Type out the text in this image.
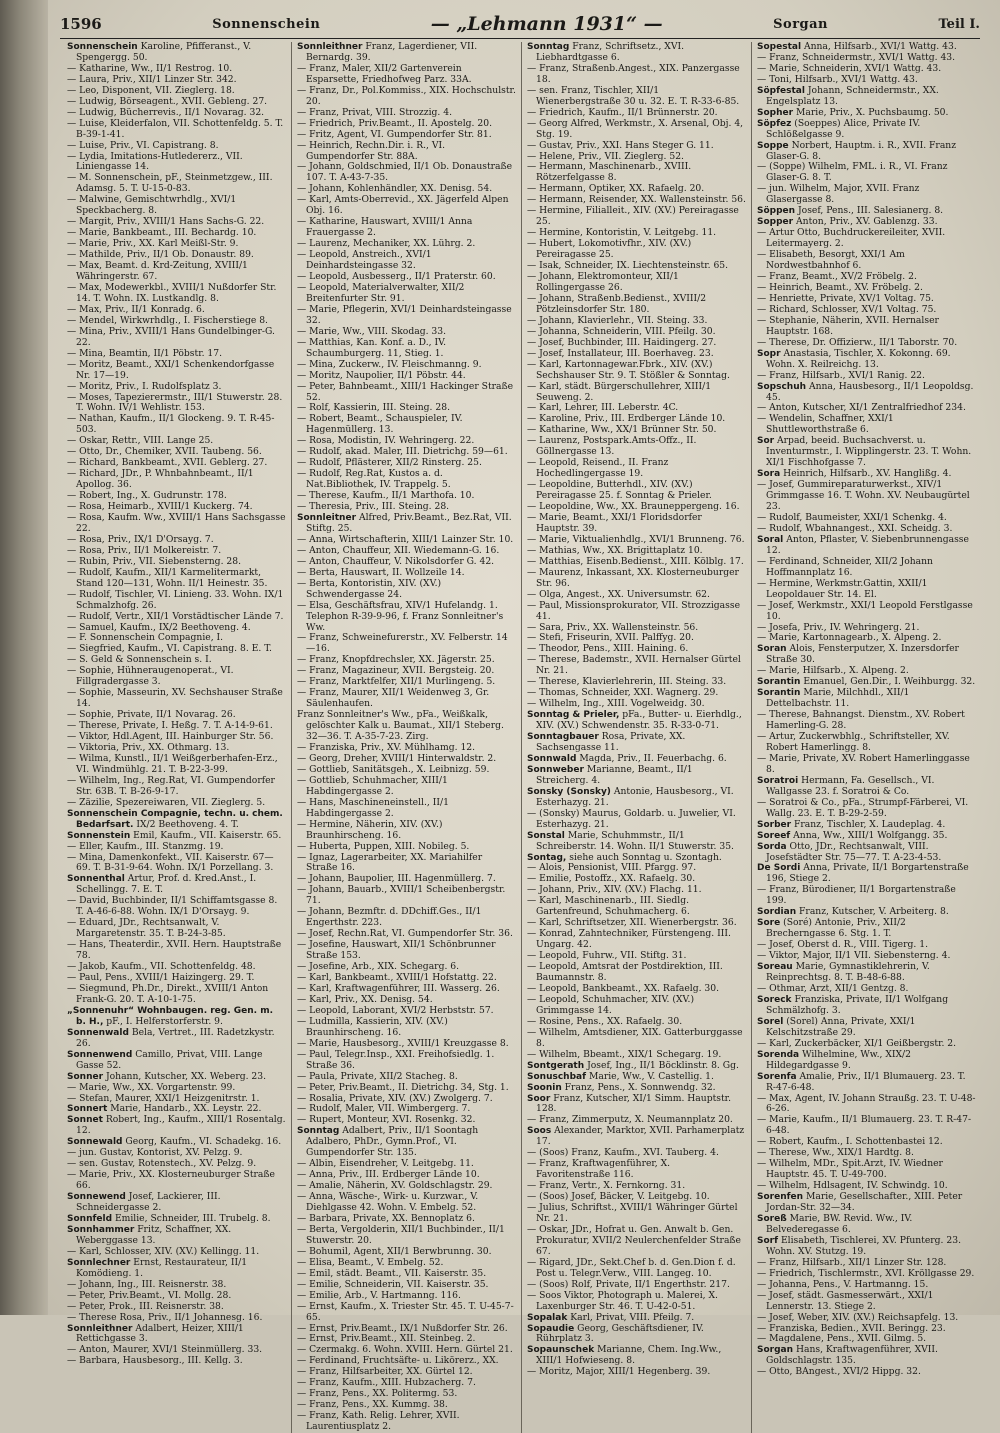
1596	Sonnenschein	— „Lehmann 1931“ —	Sorgan	Teil I.

Sonnenschein Karoline, Pfifferanst., V. Spengergg. 50.

— Katharine, Ww., II/1 Restrog. 10.

— Laura, Priv., XII/1 Linzer Str. 342.

— Leo, Disponent, VII. Zieglerg. 18.

— Ludwig, Börseagent., XVII. Gebleng. 27.

— Ludwig, Bücherrevis., II/1 Novarag. 32.

— Luise, Kleiderfalon, VII. Schottenfeldg. 5. T. B-39-1-41.

— Luise, Priv., VI. Capistrang. 8.

— Lydia, Imitations-Hutledererz., VII. Liniengasse 14.

— M. Sonnenschein, pF., Steinmetzgew., III. Adamsg. 5. T. U-15-0-83.

— Malwine, Gemischtwrhdlg., XVI/1 Speckbacherg. 8.

— Margit, Priv., XVIII/1 Hans Sachs-G. 22.

— Marie, Bankbeamt., III. Bechardg. 10.

— Marie, Priv., XX. Karl Meißl-Str. 9.

— Mathilde, Priv., II/1 Ob. Donaustr. 89.

— Max, Beamt. d. Krd-Zeitung, XVIII/1 Währingerstr. 67.

— Max, Modewerkbl., XVIII/1 Nußdorfer Str. 14. T. Wohn. IX. Lustkandlg. 8.

— Max, Priv., II/1 Konradg. 6.

— Mendel, Wirkwrhdlg., I. Fischerstiege 8.

— Mina, Priv., XVIII/1 Hans Gundelbinger-G. 22.

— Mina, Beamtin, II/1 Pöbstr. 17.

— Moritz, Beamt., XXI/1 Schenkendorfgasse Nr. 17—19.

— Moritz, Priv., I. Rudolfsplatz 3.

— Moses, Tapezierermstr., III/1 Stuwerstr. 28. T. Wohn. IV/1 Wehlistr. 153.

— Nathan, Kaufm., II/1 Glockeng. 9. T. R-45-503.

— Oskar, Rettr., VIII. Lange 25.

— Otto, Dr., Chemiker, XVII. Taubeng. 56.

— Richard, Bankbeamt., XVII. Geblerg. 27.

— Richard, JDr., P. Whnbahnbeamt., II/1 Apollog. 36.

— Robert, Ing., X. Gudrunstr. 178.

— Rosa, Heimarb., XVIII/1 Kuckerg. 74.

— Rosa, Kaufm. Ww., XVIII/1 Hans Sachsgasse 22.

— Rosa, Priv., IX/1 D'Orsayg. 7.

— Rosa, Priv., II/1 Molkereistr. 7.

— Rubin, Priv., VII. Siebensterng. 28.

— Rudolf, Kaufm., XII/1 Karmelitermarkt, Stand 120—131, Wohn. II/1 Heinestr. 35.

— Rudolf, Tischler, VI. Linieng. 33. Wohn. IX/1 Schmalzhofg. 26.

— Rudolf, Vertr., XII/1 Vorstädtischer Lände 7.

— Samuel, Kaufm., IX/2 Beethoveng. 4.

— F. Sonnenschein Compagnie, I.

— Siegfried, Kaufm., VI. Capistrang. 8. E. T.

— S. Geld & Sonnenschein s. I.

— Sophie, Hühneraugenoperat., VI. Fillgradergasse 3.

— Sophie, Masseurin, XV. Sechshauser Straße 14.

— Sophie, Private, II/1 Novarag. 26.

— Therese, Private, I. Heßg. 7. T. A-14-9-61.

— Viktor, Hdl.Agent, III. Hainburger Str. 56.

— Viktoria, Priv., XX. Othmarg. 13.

— Wilma, Kunstl., II/1 Weißgerberhafen-Erz., VI. Windmühlg. 21. T. B-22-3-99.

— Wilhelm, Ing., Reg.Rat, VI. Gumpendorfer Str. 63B. T. B-26-9-17.

— Zäzilie, Spezereiwaren, VII. Zieglerg. 5.

Sonnenschein Compagnie, techn. u. chem. Bedarfsart. IX/2 Beethoveng. 4. T.

Sonnenstein Emil, Kaufm., VII. Kaiserstr. 65.

— Eller, Kaufm., III. Stanzmg. 19.

— Mina, Damenkonfekt., VII. Kaiserstr. 67—69. T. B-31-9-64. Wohn. IX/1 Porzellang. 3.

Sonnenthal Artur, Prof. d. Kred.Anst., I. Schellingg. 7. E. T.

— David, Buchbinder, II/1 Schiffamtsgasse 8. T. A-46-6-88. Wohn. IX/1 D'Orsayg. 9.

— Eduard, JDr., Rechtsanwalt, V. Margaretenstr. 35. T. B-24-3-85.

— Hans, Theaterdir., XVII. Hern. Hauptstraße 78.

— Jakob, Kaufm., VII. Schottenfeldg. 48.

— Paul, Pens., XVIII/1 Haizingerg. 29. T.

— Siegmund, Ph.Dr., Direkt., XVIII/1 Anton Frank-G. 20. T. A-10-1-75.

„Sonnenuhr“ Wohnbaugen. reg. Gen. m. b. H., pF., I. Helferstorferstr. 9.

Sonnenwald Bela, Vertret., III. Radetzkystr. 26.

Sonnenwend Camillo, Privat, VIII. Lange Gasse 52.

Sonner Johann, Kutscher, XX. Weberg. 23.

— Marie, Ww., XX. Vorgartenstr. 99.

— Stefan, Maurer, XXI/1 Heizgenitrstr. 1.

Sonnert Marie, Handarb., XX. Leystr. 22.

Sonnet Robert, Ing., Kaufm., XIII/1 Rosentalg. 12.

Sonnewald Georg, Kaufm., VI. Schadekg. 16.

— jun. Gustav, Kontorist, XV. Pelzg. 9.

— sen. Gustav, Rotenstech., XV. Pelzg. 9.

— Marie, Priv., XX. Klosterneuburger Straße 66.

Sonnewend Josef, Lackierer, III. Schneidergasse 2.

Sonnfeld Emilie, Schneider, III. Trubelg. 8.

Sonnhammer Fritz, Schaffner, XX. Weberggasse 13.

— Karl, Schlosser, XIV. (XV.) Kellingg. 11.

Sonnlechner Ernst, Restaurateur, II/1 Komödieng. 1.

— Johann, Ing., III. Reisnerstr. 38.

— Peter, Priv.Beamt., VI. Mollg. 28.

— Peter, Prok., III. Reisnerstr. 38.

— Therese Rosa, Priv., II/1 Johannesg. 16.

Sonnleithner Adalbert, Heizer, XIII/1 Rettichgasse 3.

— Anton, Maurer, XVI/1 Steinmüllerg. 33.

— Barbara, Hausbesorg., III. Kellg. 3.

Sonnleithner Franz, Lagerdiener, VII. Bernardg. 39.

— Franz, Maler, XII/2 Gartenverein Esparsette, Friedhofweg Parz. 33A.

— Franz, Dr., Pol.Kommiss., XIX. Hochschulstr. 20.

— Franz, Privat, VIII. Strozzig. 4.

— Friedrich, Priv.Beamt., II. Apostelg. 20.

— Fritz, Agent, VI. Gumpendorfer Str. 81.

— Heinrich, Rechn.Dir. i. R., VI. Gumpendorfer Str. 88A.

— Johann, Goldschmied, II/1 Ob. Donaustraße 107. T. A-43-7-35.

— Johann, Kohlenhändler, XX. Denisg. 54.

— Karl, Amts-Oberrevid., XX. Jägerfeld Alpen Obj. 16.

— Katharine, Hauswart, XVIII/1 Anna Frauergasse 2.

— Laurenz, Mechaniker, XX. Lührg. 2.

— Leopold, Anstreich., XVI/1 Deinhardsteingasse 32.

— Leopold, Ausbesserg., II/1 Praterstr. 60.

— Leopold, Materialverwalter, XII/2 Breitenfurter Str. 91.

— Marie, Pflegerin, XVI/1 Deinhardsteingasse 32.

— Marie, Ww., VIII. Skodag. 33.

— Matthias, Kan. Konf. a. D., IV. Schaumburgerg. 11, Stieg. 1.

— Mina, Zuckerw., IV. Fleischmanng. 9.

— Moritz, Naupolier, II/1 Pöbstr. 44.

— Peter, Bahnbeamt., XIII/1 Hackinger Straße 52.

— Rolf, Kassierin, III. Steing. 28.

— Robert, Beamt., Schauspieler, IV. Hagenmüllerg. 13.

— Rosa, Modistin, IV. Wehringerg. 22.

— Rudolf, akad. Maler, III. Dietrichg. 59—61.

— Rudolf, Pflästerer, XII/2 Rinsterg. 25.

— Rudolf, Reg.Rat, Kustos a. d. Nat.Bibliothek, IV. Trappelg. 5.

— Therese, Kaufm., II/1 Marthofa. 10.

— Theresia, Priv., III. Steing. 28.

Sonnleitner Alfred, Priv.Beamt., Bez.Rat, VII. Stiftg. 25.

— Anna, Wirtschafterin, XIII/1 Lainzer Str. 10.

— Anton, Chauffeur, XII. Wiedemann-G. 16.

— Anton, Chauffeur, V. Nikolsdorfer G. 42.

— Berta, Hauswart, II. Wollzeile 14.

— Berta, Kontoristin, XIV. (XV.) Schwendergasse 24.

— Elsa, Geschäftsfrau, XIV/1 Hufelandg. 1. Telephon R-39-9-96, f. Franz Sonnleitner's Ww.

— Franz, Schweinefurerstr., XV. Felberstr. 14—16.

— Franz, Knopfdrechsler, XX. Jägerstr. 25.

— Franz, Magazineur, XVII. Bergsteig. 20.

— Franz, Marktfelfer, XII/1 Murlingeng. 5.

— Franz, Maurer, XII/1 Weidenweg 3, Gr. Säulenhaufen.

Franz Sonnleitner's Ww., pFa., Weißkalk, gelöschter Kalk u. Baumat., XII/1 Steberg. 32—36. T. A-35-7-23. Zirg.

— Franziska, Priv., XV. Mühlhamg. 12.

— Georg, Dreher, XVIII/1 Hinterwaldstr. 2.

— Gottlieb, Sanitätsgeh., X. Leibnizg. 59.

— Gottlieb, Schuhmacher, XIII/1 Habdingergasse 2.

— Hans, Maschineneinstell., II/1 Habdingergasse 2.

— Hermine, Näherin, XIV. (XV.) Braunhirscheng. 16.

— Huberta, Puppen, XIII. Nobileg. 5.

— Ignaz, Lagerarbeiter, XX. Mariahilfer Straße 16.

— Johann, Baupolier, III. Hagenmüllerg. 7.

— Johann, Bauarb., XVIII/1 Scheibenbergstr. 71.

— Johann, Bezmftr. d. DDchiff.Ges., II/1 Engerthstr. 223.

— Josef, Rechn.Rat, VI. Gumpendorfer Str. 36.

— Josefine, Hauswart, XII/1 Schönbrunner Straße 153.

— Josefine, Arb., XIX. Schegarg. 6.

— Karl, Bankbeamt., XVIII/1 Hofstattg. 22.

— Karl, Kraftwagenführer, III. Wasserg. 26.

— Karl, Priv., XX. Denisg. 54.

— Leopold, Laborant, XVI/2 Herbststr. 57.

— Ludmilla, Kassierin, XIV. (XV.) Braunhirscheng. 16.

— Marie, Hausbesorg., XVIII/1 Kreuzgasse 8.

— Paul, Telegr.Insp., XXI. Freihofsiedlg. 1. Straße 36.

— Paula, Private, XII/2 Stacheg. 8.

— Peter, Priv.Beamt., II. Dietrichg. 34, Stg. 1.

— Rosalia, Private, XIV. (XV.) Zwolgerg. 7.

— Rudolf, Maler, VII. Wimbergerg. 7.

— Rupert, Monteur, XVI. Rosenkg. 32.

Sonntag Adalbert, Priv., II/1 Soontagh Adalbero, PhDr., Gymn.Prof., VI. Gumpendorfer Str. 135.

— Albin, Eisendreher, V. Leitgebg. 11.

— Anna, Priv., III. Erdberger Lände 10.

— Amalie, Näherin, XV. Goldschlagstr. 29.

— Anna, Wäsche-, Wirk- u. Kurzwar., V. Diehlgasse 42. Wohn. V. Embelg. 52.

— Barbara, Private, XX. Bennoplatz 6.

— Berta, Vergolderin, XII/1 Buchbinder., II/1 Stuwerstr. 20.

— Bohumil, Agent, XII/1 Berwbrunng. 30.

— Elisa, Beamt., V. Embelg. 52.

— Emil, städt. Beamt., VII. Kaiserstr. 35.

— Emilie, Schneiderin, VII. Kaiserstr. 35.

— Emilie, Arb., V. Hartmanng. 116.

— Ernst, Kaufm., X. Triester Str. 45. T. U-45-7-65.

— Ernst, Priv.Beamt., IX/1 Nußdorfer Str. 26.

— Ernst, Priv.Beamt., XII. Steinbeg. 2.

— Czermakg. 6. Wohn. XVIII. Hern. Gürtel 21.

— Ferdinand, Fruchtsäfte- u. Likörerz., XX.

— Franz, Hilfsarbeiter, XX. Gürtel 12.

— Franz, Kaufm., XIII. Hubzacherg. 7.

— Franz, Pens., XX. Politermg. 53.

— Franz, Pens., XX. Kummg. 38.

— Franz, Kath. Relig. Lehrer, XVII. Laurentiusplatz 2.

Sonntag Franz, Schriftsetz., XVI. Liebhardtgasse 6.

— Franz, Straßenb.Angest., XIX. Panzergasse 18.

— sen. Franz, Tischler, XII/1 Wienerbergstraße 30 u. 32. E. T. R-33-6-85.

— Friedrich, Kaufm., II/1 Brünnerstr. 20.

— Georg Alfred, Werkmstr., X. Arsenal, Obj. 4, Stg. 19.

— Gustav, Priv., XXI. Hans Steger G. 11.

— Helene, Priv., VII. Zieglerg. 52.

— Hermann, Maschinenarb., XVIII. Rötzerfelgasse 8.

— Hermann, Optiker, XX. Rafaelg. 20.

— Hermann, Reisender, XX. Wallensteinstr. 56.

— Hermine, Filialleit., XIV. (XV.) Pereiragasse 25.

— Hermine, Kontoristin, V. Leitgebg. 11.

— Hubert, Lokomotivfhr., XIV. (XV.) Pereiragasse 25.

— Isak, Schneider, IX. Liechtensteinstr. 65.

— Johann, Elektromonteur, XII/1 Rollingergasse 26.

— Johann, Straßenb.Bedienst., XVIII/2 Pötzleinsdorfer Str. 180.

— Johann, Klavierlehr., VII. Steing. 33.

— Johanna, Schneiderin, VIII. Pfeilg. 30.

— Josef, Buchbinder, III. Haidingerg. 27.

— Josef, Installateur, III. Boerhaveg. 23.

— Karl, Kartonnagewar.Fbrk., XIV. (XV.) Sechshauser Str. 9. T. Stößler & Sonntag.

— Karl, städt. Bürgerschullehrer, XIII/1 Seuweng. 2.

— Karl, Lehrer, III. Leberstr. 4C.

— Karoline, Priv., III. Erdberger Lände 10.

— Katharine, Ww., XX/1 Brünner Str. 50.

— Laurenz, Postspark.Amts-Offz., II. Göllnergasse 13.

— Leopold, Reisend., II. Franz Hochedlingergasse 19.

— Leopoldine, Butterhdl., XIV. (XV.) Pereiragasse 25. f. Sonntag & Prieler.

— Leopoldine, Ww., XX. Brauneppergeng. 16.

— Marie, Beamt., XXI/1 Floridsdorfer Hauptstr. 39.

— Marie, Viktualienhdlg., XVI/1 Brunneng. 76.

— Mathias, Ww., XX. Brigittaplatz 10.

— Matthias, Eisenb.Bedienst., XIII. Kölblg. 17.

— Maurenz, Inkassant, XX. Klosterneuburger Str. 96.

— Olga, Angest., XX. Universumstr. 62.

— Paul, Missionsprokurator, VII. Strozzigasse 41.

— Sara, Priv., XX. Wallensteinstr. 56.

— Stefi, Friseurin, XVII. Palffyg. 20.

— Theodor, Pens., XIII. Haining. 6.

— Therese, Bademstr., XVII. Hernalser Gürtel Nr. 21.

— Therese, Klavierlehrerin, III. Steing. 33.

— Thomas, Schneider, XXI. Wagnerg. 29.

— Wilhelm, Ing., XIII. Vogelweidg. 30.

Sonntag & Prieler, pFa., Butter- u. Eierhdlg., XIV. (XV.) Schwendenstr. 35. R-33-0-71.

Sonntagbauer Rosa, Private, XX. Sachsengasse 11.

Sonnwald Magda, Priv., II. Feuerbachg. 6.

Sonnweber Marianne, Beamt., II/1 Streicherg. 4.

Sonsky (Sonsky) Antonie, Hausbesorg., VI. Esterhazyg. 21.

— (Sonsky) Maurus, Goldarb. u. Juwelier, VI. Esterhazyg. 21.

Sonstal Marie, Schuhmmstr., II/1 Schreiberstr. 14. Wohn. II/1 Stuwerstr. 35.

Sontag, siehe auch Sonntag u. Szontagh.

— Alois, Pensionist, VIII. Pfargg. 97.

— Emilie, Postoffz., XX. Rafaelg. 30.

— Johann, Priv., XIV. (XV.) Flachg. 11.

— Karl, Maschinenarb., III. Siedlg. Gartenfreund, Schuhmacherg. 6.

— Karl, Schriftsetzer, XII. Wienerbergstr. 36.

— Konrad, Zahntechniker, Fürstengeng. III. Ungarg. 42.

— Leopold, Fuhrw., VII. Stiftg. 31.

— Leopold, Amtsrat der Postdirektion, III. Baumannstr. 8.

— Leopold, Bankbeamt., XX. Rafaelg. 30.

— Leopold, Schuhmacher, XIV. (XV.) Grimmgasse 14.

— Rosine, Pens., XX. Rafaelg. 30.

— Wilhelm, Amtsdiener, XIX. Gatterburggasse 8.

— Wilhelm, Bbeamt., XIX/1 Schegarg. 19.

Sontgerath Josef, Ing., II/1 Böcklinstr. 8. Gg.

Sonuschbaf Marie, Ww., V. Castellig. 1.

Soonin Franz, Pens., X. Sonnwendg. 32.

Soor Franz, Kutscher, XI/1 Simm. Hauptstr. 128.

— Franz, Zimmerputz, X. Neumannplatz 20.

Soos Alexander, Marktor, XVII. Parhamerplatz 17.

— (Soos) Franz, Kaufm., XVI. Tauberg. 4.

— Franz, Kraftwagenführer, X. Favoritenstraße 116.

— Franz, Vertr., X. Fernkorng. 31.

— (Soos) Josef, Bäcker, V. Leitgebg. 10.

— Julius, Schriftst., XVIII/1 Währinger Gürtel Nr. 21.

— Oskar, JDr., Hofrat u. Gen. Anwalt b. Gen. Prokuratur, XVII/2 Neulerchenfelder Straße 67.

— Rigard, JDr., Sekt.Chef b. d. Gen.Dion f. d. Post u. Telegr.Verw., VIII. Langeg. 10.

— (Soos) Rolf, Private, II/1 Engerthstr. 217.

— Soos Viktor, Photograph u. Malerei, X. Laxenburger Str. 46. T. U-42-0-51.

Sopalak Karl, Privat, VIII. Pfeilg. 7.

Sopaudie Georg, Geschäftsdiener, IV. Rührplatz 3.

Sopaunschek Marianne, Chem. Ing.Ww., XIII/1 Hofwieseng. 8.

— Moritz, Major, XIII/1 Hegenberg. 39.

Sopestal Anna, Hilfsarb., XVI/1 Wattg. 43.

— Franz, Schneidermstr., XVI/1 Wattg. 43.

— Marie, Schneiderin, XVI/1 Wattg. 43.

— Toni, Hilfsarb., XVI/1 Wattg. 43.

Söpfestal Johann, Schneidermstr., XX. Engelsplatz 13.

Sopher Marie, Priv., X. Puchsbaumg. 50.

Söpfez (Soeppes) Alice, Private IV. Schlößelgasse 9.

Soppe Norbert, Hauptm. i. R., XVII. Franz Glaser-G. 8.

— (Soppe) Wilhelm, FML. i. R., VI. Franz Glaser-G. 8. T.

— jun. Wilhelm, Major, XVII. Franz Glasergasse 8.

Söppen Josef, Pens., III. Salesianerg. 8.

Sopper Anton, Priv., XV. Gablenzg. 33.

— Artur Otto, Buchdruckereileiter, XVII. Leitermayerg. 2.

— Elisabeth, Besorgt, XXI/1 Am Nordwestbahnhof 6.

— Franz, Beamt., XV/2 Fröbelg. 2.

— Heinrich, Beamt., XV. Fröbelg. 2.

— Henriette, Private, XV/1 Voltag. 75.

— Richard, Schlosser, XV/1 Voltag. 75.

— Stephanie, Näherin, XVII. Hernalser Hauptstr. 168.

— Therese, Dr. Offizierw., II/1 Taborstr. 70.

Sopr Anastasia, Tischler, X. Kokonng. 69. Wohn. X. Reilreichg. 13.

— Franz, Hilfsarb., XVI/1 Ranig. 22.

Sopschuh Anna, Hausbesorg., II/1 Leopoldsg. 45.

— Anton, Kutscher, XI/1 Zentralfriedhof 234.

— Wendelin, Schaffner, XXI/1 Shuttleworthstraße 6.

Sor Arpad, beeid. Buchsachverst. u. Inventurmstr., I. Wipplingerstr. 23. T. Wohn. XI/1 Fischhofgasse 7.

Sora Heinrich, Hilfsarb., XV. Hanglißg. 4.

— Josef, Gummireparaturwerkst., XIV/1 Grimmgasse 16. T. Wohn. XV. Neubaugürtel 23.

— Rudolf, Baumeister, XXI/1 Schenkg. 4.

— Rudolf, Wbahnangest., XXI. Scheidg. 3.

Soral Anton, Pflaster, V. Siebenbrunnengasse 12.

— Ferdinand, Schneider, XII/2 Johann Hoffmannplatz 16.

— Hermine, Werkmstr.Gattin, XXII/1 Leopoldauer Str. 14. El.

— Josef, Werkmstr., XXI/1 Leopold Ferstlgasse 10.

— Josefa, Priv., IV. Wehringerg. 21.

— Marie, Kartonnagearb., X. Alpeng. 2.

Soran Alois, Fensterputzer, X. Inzersdorfer Straße 30.

— Marie, Hilfsarb., X. Alpeng. 2.

Sorantin Emanuel, Gen.Dir., I. Weihburgg. 32.

Sorantin Marie, Milchhdl., XII/1 Dettelbachstr. 11.

— Therese, Bahnangst. Dienstm., XV. Robert Hamerling-G. 28.

— Artur, Zuckerwbhlg., Schriftsteller, XV. Robert Hamerlingg. 8.

— Marie, Private, XV. Robert Hamerlinggasse 8.

Soratroi Hermann, Fa. Gesellsch., VI. Wallgasse 23. f. Soratroi & Co.

— Soratroi & Co., pFa., Strumpf-Färberei, VI. Wallg. 23. E. T. B-29-2-59.

Sorber Franz, Tischler, X. Laudeplag. 4.

Soreef Anna, Ww., XIII/1 Wolfgangg. 35.

Sorda Otto, JDr., Rechtsanwalt, VIII. Josefstädter Str. 75—77. T. A-23-4-53.

De Sordi Anna, Private, II/1 Borgartenstraße 196, Stiege 2.

— Franz, Bürodiener, II/1 Borgartenstraße 199.

Sordian Franz, Kutscher, V. Arbeiterg. 8.

Sore (Soré) Antonie, Priv., XII/2 Brecherngasse 6. Stg. 1. T.

— Josef, Oberst d. R., VIII. Tigerg. 1.

— Viktor, Major, II/1 VII. Siebensterng. 4.

Soreau Marie, Gymnastiklehrerin, V. Reinprechtsg. 8. T. B-48-6-88.

— Othmar, Arzt, XII/1 Gentzg. 8.

Soreck Franziska, Private, II/1 Wolfgang Schmälzhofg. 3.

Sorel (Sorel) Anna, Private, XXI/1 Kelschitzstraße 29.

— Karl, Zuckerbäcker, XI/1 Geißbergstr. 2.

Sorenda Wilhelmine, Ww., XIX/2 Hildegardgasse 9.

Sorenfa Amalie, Priv., II/1 Blumauerg. 23. T. R-47-6-48.

— Max, Agent, IV. Johann Straußg. 23. T. U-48-6-26.

— Marie, Kaufm., II/1 Blumauerg. 23. T. R-47-6-48.

— Robert, Kaufm., I. Schottenbastei 12.

— Therese, Ww., XIX/1 Hardtg. 8.

— Wilhelm, MDr., Spit.Arzt, IV. Wiedner Hauptstr. 45. T. U-49-700.

— Wilhelm, Hdlsagent, IV. Schwindg. 10.

Sorenfen Marie, Gesellschafter., XIII. Peter Jordan-Str. 32—34.

Soreß Marie, BW. Revid. Ww., IV. Belvederegasse 6.

Sorf Elisabeth, Tischlerei, XV. Pfunterg. 23. Wohn. XV. Stutzg. 19.

— Franz, Hilfsarb., XII/1 Linzer Str. 128.

— Friedrich, Tischlermstr., XVI. Kröllgasse 29.

— Johanna, Pens., V. Hartmanng. 15.

— Josef, städt. Gasmesserwärt., XXI/1 Lennerstr. 13. Stiege 2.

— Josef, Weber, XIV. (XV.) Reichsapfelg. 13.

— Franziska, Bedien., XVII. Beringg. 23.

— Magdalene, Pens., XVII. Gilmg. 5.

Sorgan Hans, Kraftwagenführer, XVII. Goldschlagstr. 135.

— Otto, BAngest., XVI/2 Hippg. 32.
